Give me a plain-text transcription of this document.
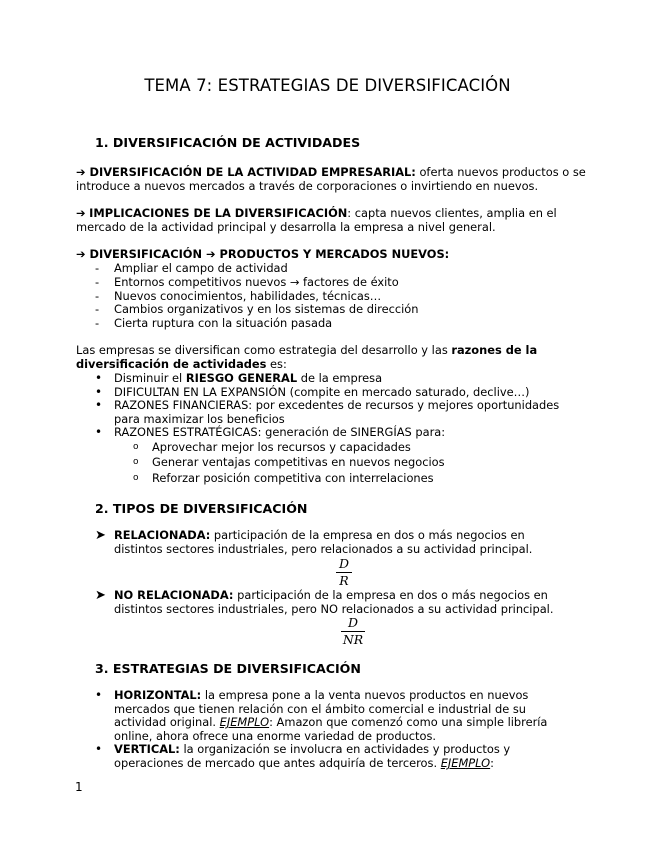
TEMA 7: ESTRATEGIAS DE DIVERSIFICACIÓN
1. DIVERSIFICACIÓN DE ACTIVIDADES
➔ DIVERSIFICACIÓN DE LA ACTIVIDAD EMPRESARIAL: oferta nuevos productos o se introduce a nuevos mercados a través de corporaciones o invirtiendo en nuevos.
➔ IMPLICACIONES DE LA DIVERSIFICACIÓN: capta nuevos clientes, amplia en el mercado de la actividad principal y desarrolla la empresa a nivel general.
➔ DIVERSIFICACIÓN ➔ PRODUCTOS Y MERCADOS NUEVOS:
- Ampliar el campo de actividad
- Entornos competitivos nuevos → factores de éxito
- Nuevos conocimientos, habilidades, técnicas…
- Cambios organizativos y en los sistemas de dirección
- Cierta ruptura con la situación pasada
Las empresas se diversifican como estrategia del desarrollo y las razones de la diversificación de actividades es:
• Disminuir el RIESGO GENERAL de la empresa
• DIFICULTAN EN LA EXPANSIÓN (compite en mercado saturado, declive…)
• RAZONES FINANCIERAS: por excedentes de recursos y mejores oportunidades para maximizar los beneficios
• RAZONES ESTRATÉGICAS: generación de SINERGÍAS para:
o Aprovechar mejor los recursos y capacidades
o Generar ventajas competitivas en nuevos negocios
o Reforzar posición competitiva con interrelaciones
2. TIPOS DE DIVERSIFICACIÓN
➤ RELACIONADA: participación de la empresa en dos o más negocios en distintos sectores industriales, pero relacionados a su actividad principal.
D
R
➤ NO RELACIONADA: participación de la empresa en dos o más negocios en distintos sectores industriales, pero NO relacionados a su actividad principal.
D
NR
3. ESTRATEGIAS DE DIVERSIFICACIÓN
• HORIZONTAL: la empresa pone a la venta nuevos productos en nuevos mercados que tienen relación con el ámbito comercial e industrial de su actividad original. EJEMPLO: Amazon que comenzó como una simple librería online, ahora ofrece una enorme variedad de productos.
• VERTICAL: la organización se involucra en actividades y productos y operaciones de mercado que antes adquiría de terceros. EJEMPLO:
1
